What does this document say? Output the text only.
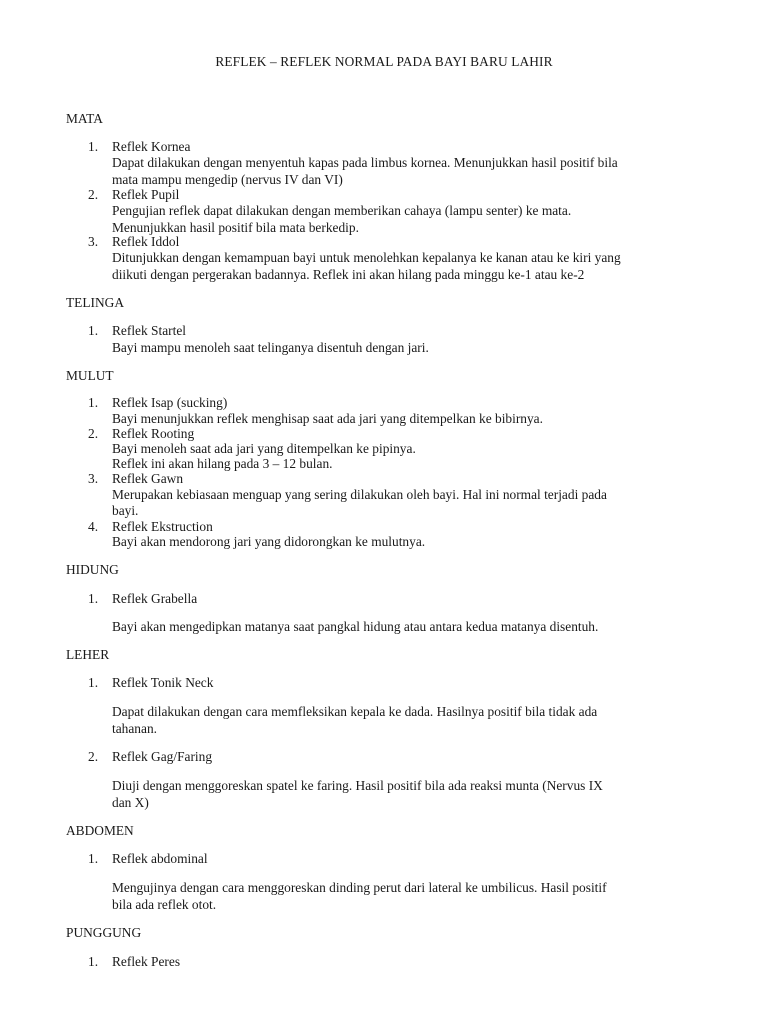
REFLEK – REFLEK NORMAL PADA BAYI BARU LAHIR
MATA
1. Reflek Kornea
Dapat dilakukan dengan menyentuh kapas pada limbus kornea. Menunjukkan hasil positif bila
mata mampu mengedip (nervus IV dan VI)
2. Reflek Pupil
Pengujian reflek dapat dilakukan dengan memberikan cahaya (lampu senter) ke mata.
Menunjukkan hasil positif bila mata berkedip.
3. Reflek Iddol
Ditunjukkan dengan kemampuan bayi untuk menolehkan kepalanya ke kanan atau ke kiri yang
diikuti dengan pergerakan badannya. Reflek ini akan hilang pada minggu ke-1 atau ke-2
TELINGA
1. Reflek Startel
Bayi mampu menoleh saat telinganya disentuh dengan jari.
MULUT
1. Reflek Isap (sucking)
Bayi menunjukkan reflek menghisap saat ada jari yang ditempelkan ke bibirnya.
2. Reflek Rooting
Bayi menoleh saat ada jari yang ditempelkan ke pipinya.
Reflek ini akan hilang pada 3 – 12 bulan.
3. Reflek Gawn
Merupakan kebiasaan menguap yang sering dilakukan oleh bayi. Hal ini normal terjadi pada
bayi.
4. Reflek Ekstruction
Bayi akan mendorong jari yang didorongkan ke mulutnya.
HIDUNG
1. Reflek Grabella
Bayi akan mengedipkan matanya saat pangkal hidung atau antara kedua matanya disentuh.
LEHER
1. Reflek Tonik Neck
Dapat dilakukan dengan cara memfleksikan kepala ke dada. Hasilnya positif bila tidak ada
tahanan.
2. Reflek Gag/Faring
Diuji dengan menggoreskan spatel ke faring. Hasil positif bila ada reaksi munta (Nervus IX
dan X)
ABDOMEN
1. Reflek abdominal
Mengujinya dengan cara menggoreskan dinding perut dari lateral ke umbilicus. Hasil positif
bila ada reflek otot.
PUNGGUNG
1. Reflek Peres
